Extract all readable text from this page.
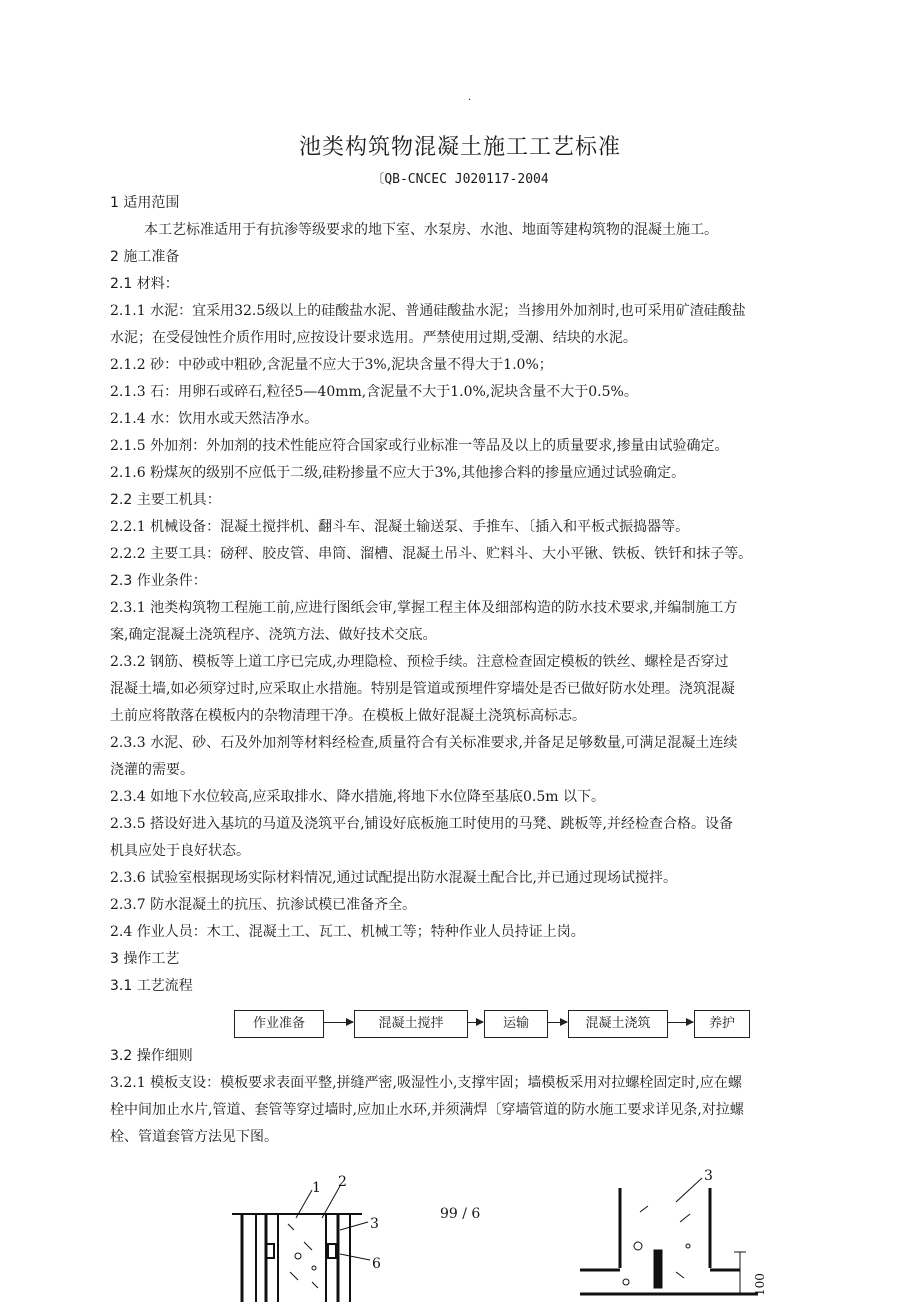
.
池类构筑物混凝土施工工艺标准
〔QB-CNCEC J020117-2004
1 适用范围
本工艺标准适用于有抗渗等级要求的地下室、水泵房、水池、地面等建构筑物的混凝土施工。
2 施工准备
2.1 材料：
2.1.1 水泥：宜采用32.5级以上的硅酸盐水泥、普通硅酸盐水泥；当掺用外加剂时,也可采用矿渣硅酸盐
水泥；在受侵蚀性介质作用时,应按设计要求选用。严禁使用过期,受潮、结块的水泥。
2.1.2 砂：中砂或中粗砂,含泥量不应大于3%,泥块含量不得大于1.0%；
2.1.3 石：用卵石或碎石,粒径5—40mm,含泥量不大于1.0%,泥块含量不大于0.5%。
2.1.4 水：饮用水或天然洁净水。
2.1.5 外加剂：外加剂的技术性能应符合国家或行业标准一等品及以上的质量要求,掺量由试验确定。
2.1.6 粉煤灰的级别不应低于二级,硅粉掺量不应大于3%,其他掺合料的掺量应通过试验确定。
2.2 主要工机具：
2.2.1 机械设备：混凝土搅拌机、翻斗车、混凝土输送泵、手推车、〔插入和平板式振捣器等。
2.2.2 主要工具：磅秤、胶皮管、串筒、溜槽、混凝土吊斗、贮料斗、大小平锹、铁板、铁钎和抹子等。
2.3 作业条件：
2.3.1 池类构筑物工程施工前,应进行图纸会审,掌握工程主体及细部构造的防水技术要求,并编制施工方
案,确定混凝土浇筑程序、浇筑方法、做好技术交底。
2.3.2 钢筋、模板等上道工序已完成,办理隐检、预检手续。注意检查固定模板的铁丝、螺栓是否穿过
混凝土墙,如必须穿过时,应采取止水措施。特别是管道或预埋件穿墙处是否已做好防水处理。浇筑混凝
土前应将散落在模板内的杂物清理干净。在模板上做好混凝土浇筑标高标志。
2.3.3 水泥、砂、石及外加剂等材料经检查,质量符合有关标准要求,并备足足够数量,可满足混凝土连续
浇灌的需要。
2.3.4 如地下水位较高,应采取排水、降水措施,将地下水位降至基底0.5m 以下。
2.3.5 搭设好进入基坑的马道及浇筑平台,铺设好底板施工时使用的马凳、跳板等,并经检查合格。设备
机具应处于良好状态。
2.3.6 试验室根据现场实际材料情况,通过试配提出防水混凝土配合比,并已通过现场试搅拌。
2.3.7 防水混凝土的抗压、抗渗试模已准备齐全。
2.4 作业人员：木工、混凝土工、瓦工、机械工等；特种作业人员持证上岗。
3 操作工艺
3.1 工艺流程
作业准备	混凝土搅拌	运输	混凝土浇筑	养护
3.2 操作细则
3.2.1 模板支设：模板要求表面平整,拼缝严密,吸湿性小,支撑牢固；墙模板采用对拉螺栓固定时,应在螺
栓中间加止水片,管道、套管等穿过墙时,应加止水环,并须满焊〔穿墙管道的防水施工要求详见条,对拉螺
栓、管道套管方法见下图。
1 2
3
6
99 / 6
3
100
